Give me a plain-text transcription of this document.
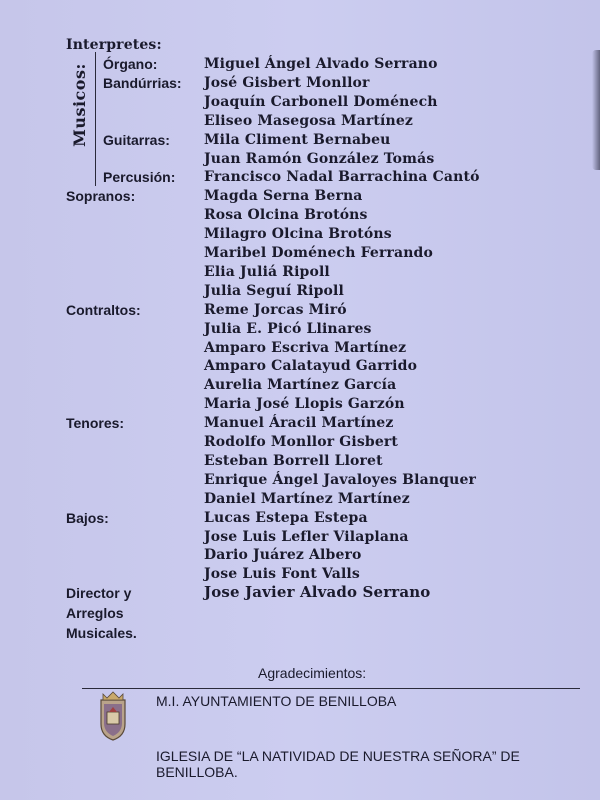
Interpretes:
Musicos: Órgano:	Miguel Ángel Alvado Serrano
Bandúrrias: José Gisbert Monllor
Joaquín Carbonell Doménech
Eliseo Masegosa Martínez
Guitarras: Mila Climent Bernabeu
Juan Ramón González Tomás
Percusión: Francisco Nadal Barrachina Cantó
Sopranos:	Magda Serna Berna
Rosa Olcina Brotóns
Milagro Olcina Brotóns
Maribel Doménech Ferrando
Elia Juliá Ripoll
Julia Seguí Ripoll
Contraltos:	Reme Jorcas Miró
Julia E. Picó Llinares
Amparo Escriva Martínez
Amparo Calatayud Garrido
Aurelia Martínez García
Maria José Llopis Garzón
Tenores:	Manuel Áracil Martínez
Rodolfo Monllor Gisbert
Esteban Borrell Lloret
Enrique Ángel Javaloyes Blanquer
Daniel Martínez Martínez
Bajos:	Lucas Estepa Estepa
Jose Luis Lefler Vilaplana
Dario Juárez Albero
Jose Luis Font Valls
Director y
Arreglos
Musicales.
Jose Javier Alvado Serrano
Agradecimientos:
M.I. AYUNTAMIENTO DE BENILLOBA
IGLESIA DE “LA NATIVIDAD DE NUESTRA SEÑORA” DE BENILLOBA.
